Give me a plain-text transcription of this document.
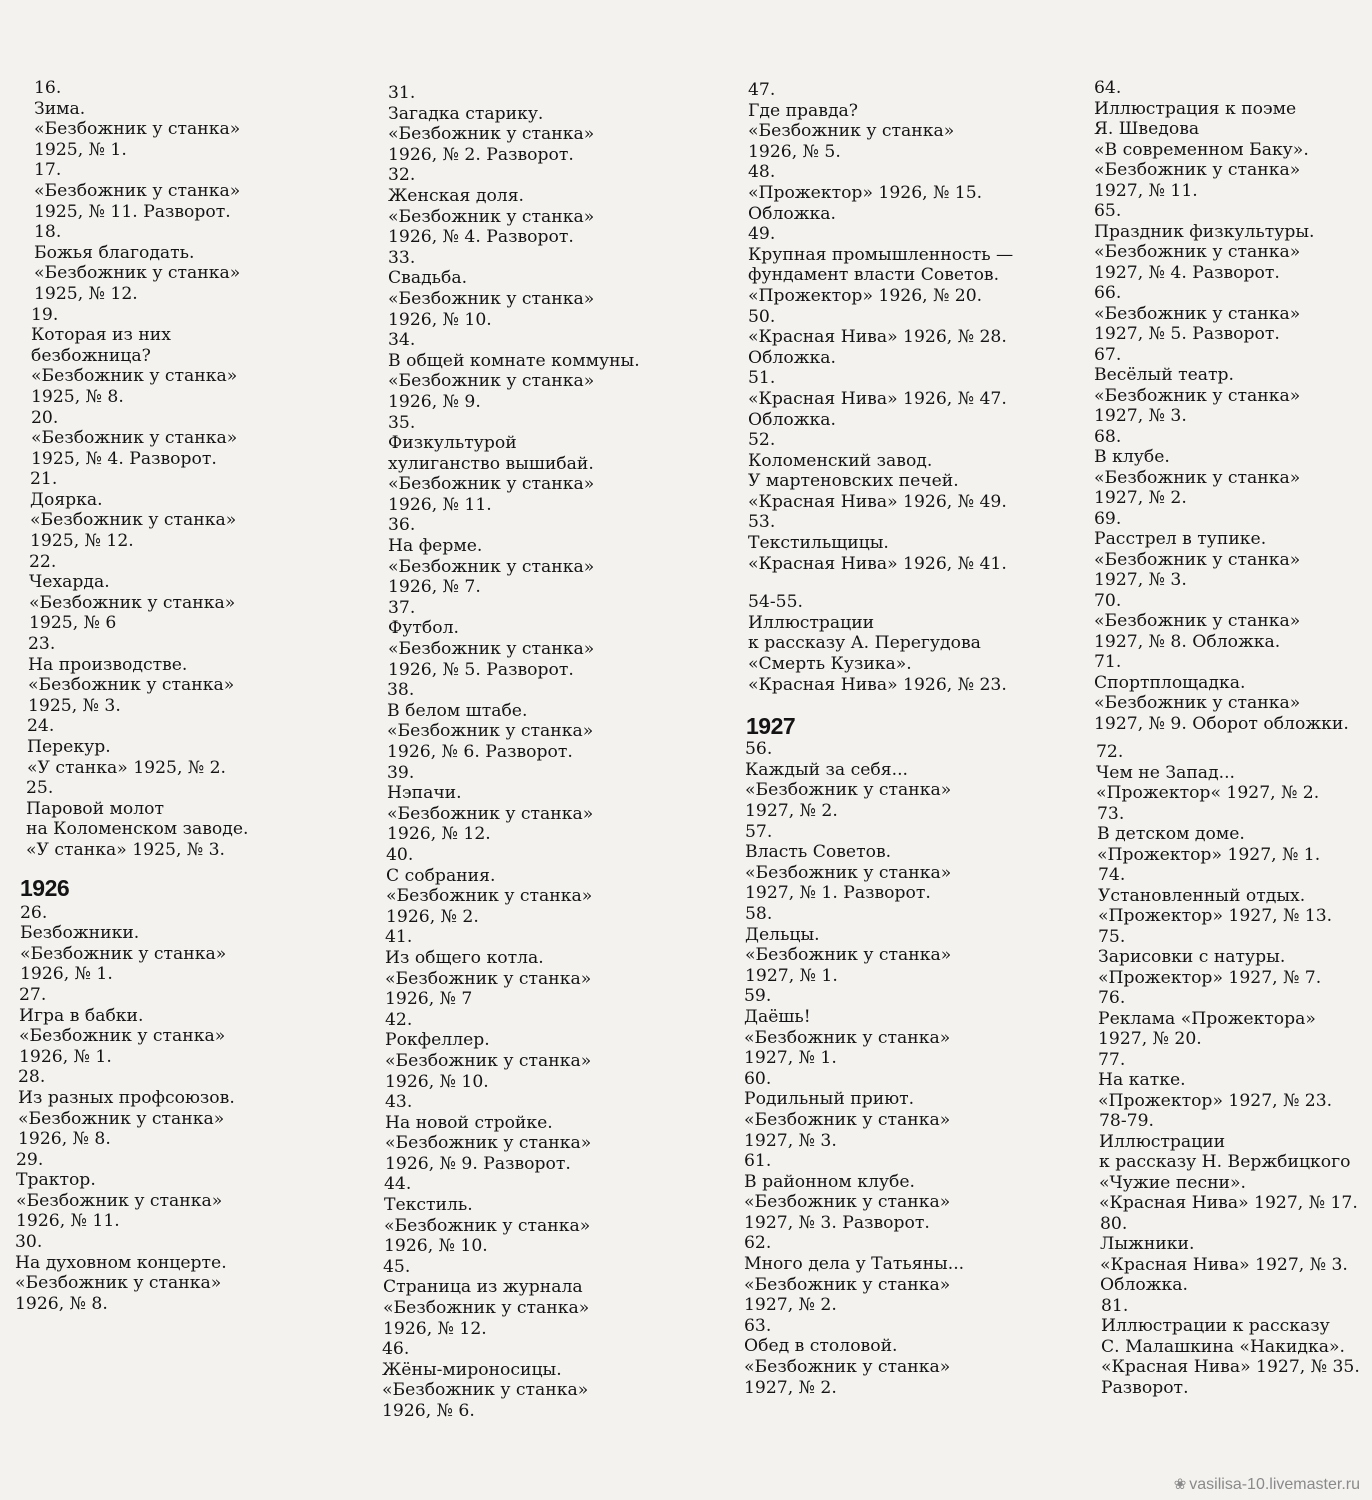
16.
Зима.
«Безбожник у станка»
1925, № 1.
17.
«Безбожник у станка»
1925, № 11. Разворот.
18.
Божья благодать.
«Безбожник у станка»
1925, № 12.
19.
Которая из них
безбожница?
«Безбожник у станка»
1925, № 8.
20.
«Безбожник у станка»
1925, № 4. Разворот.
21.
Доярка.
«Безбожник у станка»
1925, № 12.
22.
Чехарда.
«Безбожник у станка»
1925, № 6
23.
На производстве.
«Безбожник у станка»
1925, № 3.
24.
Перекур.
«У станка» 1925, № 2.
25.
Паровой молот
на Коломенском заводе.
«У станка» 1925, № 3.
1926
26.
Безбожники.
«Безбожник у станка»
1926, № 1.
27.
Игра в бабки.
«Безбожник у станка»
1926, № 1.
28.
Из разных профсоюзов.
«Безбожник у станка»
1926, № 8.
29.
Трактор.
«Безбожник у станка»
1926, № 11.
30.
На духовном концерте.
«Безбожник у станка»
1926, № 8.
31.
Загадка старику.
«Безбожник у станка»
1926, № 2. Разворот.
32.
Женская доля.
«Безбожник у станка»
1926, № 4. Разворот.
33.
Свадьба.
«Безбожник у станка»
1926, № 10.
34.
В общей комнате коммуны.
«Безбожник у станка»
1926, № 9.
35.
Физкультурой
хулиганство вышибай.
«Безбожник у станка»
1926, № 11.
36.
На ферме.
«Безбожник у станка»
1926, № 7.
37.
Футбол.
«Безбожник у станка»
1926, № 5. Разворот.
38.
В белом штабе.
«Безбожник у станка»
1926, № 6. Разворот.
39.
Нэпачи.
«Безбожник у станка»
1926, № 12.
40.
С собрания.
«Безбожник у станка»
1926, № 2.
41.
Из общего котла.
«Безбожник у станка»
1926, № 7
42.
Рокфеллер.
«Безбожник у станка»
1926, № 10.
43.
На новой стройке.
«Безбожник у станка»
1926, № 9. Разворот.
44.
Текстиль.
«Безбожник у станка»
1926, № 10.
45.
Страница из журнала
«Безбожник у станка»
1926, № 12.
46.
Жёны-мироносицы.
«Безбожник у станка»
1926, № 6.
47.
Где правда?
«Безбожник у станка»
1926, № 5.
48.
«Прожектор» 1926, № 15.
Обложка.
49.
Крупная промышленность —
фундамент власти Советов.
«Прожектор» 1926, № 20.
50.
«Красная Нива» 1926, № 28.
Обложка.
51.
«Красная Нива» 1926, № 47.
Обложка.
52.
Коломенский завод.
У мартеновских печей.
«Красная Нива» 1926, № 49.
53.
Текстильщицы.
«Красная Нива» 1926, № 41.
54-55.
Иллюстрации
к рассказу А. Перегудова
«Смерть Кузика».
«Красная Нива» 1926, № 23.
1927
56.
Каждый за себя...
«Безбожник у станка»
1927, № 2.
57.
Власть Советов.
«Безбожник у станка»
1927, № 1. Разворот.
58.
Дельцы.
«Безбожник у станка»
1927, № 1.
59.
Даёшь!
«Безбожник у станка»
1927, № 1.
60.
Родильный приют.
«Безбожник у станка»
1927, № 3.
61.
В районном клубе.
«Безбожник у станка»
1927, № 3. Разворот.
62.
Много дела у Татьяны...
«Безбожник у станка»
1927, № 2.
63.
Обед в столовой.
«Безбожник у станка»
1927, № 2.
64.
Иллюстрация к поэме
Я. Шведова
«В современном Баку».
«Безбожник у станка»
1927, № 11.
65.
Праздник физкультуры.
«Безбожник у станка»
1927, № 4. Разворот.
66.
«Безбожник у станка»
1927, № 5. Разворот.
67.
Весёлый театр.
«Безбожник у станка»
1927, № 3.
68.
В клубе.
«Безбожник у станка»
1927, № 2.
69.
Расстрел в тупике.
«Безбожник у станка»
1927, № 3.
70.
«Безбожник у станка»
1927, № 8. Обложка.
71.
Спортплощадка.
«Безбожник у станка»
1927, № 9. Оборот обложки.
72.
Чем не Запад...
«Прожектор« 1927, № 2.
73.
В детском доме.
«Прожектор» 1927, № 1.
74.
Установленный отдых.
«Прожектор» 1927, № 13.
75.
Зарисовки с натуры.
«Прожектор» 1927, № 7.
76.
Реклама «Прожектора»
1927, № 20.
77.
На катке.
«Прожектор» 1927, № 23.
78-79.
Иллюстрации
к рассказу Н. Вержбицкого
«Чужие песни».
«Красная Нива» 1927, № 17.
80.
Лыжники.
«Красная Нива» 1927, № 3.
Обложка.
81.
Иллюстрации к рассказу
С. Малашкина «Накидка».
«Красная Нива» 1927, № 35.
Разворот.
❀ vasilisa-10.livemaster.ru
